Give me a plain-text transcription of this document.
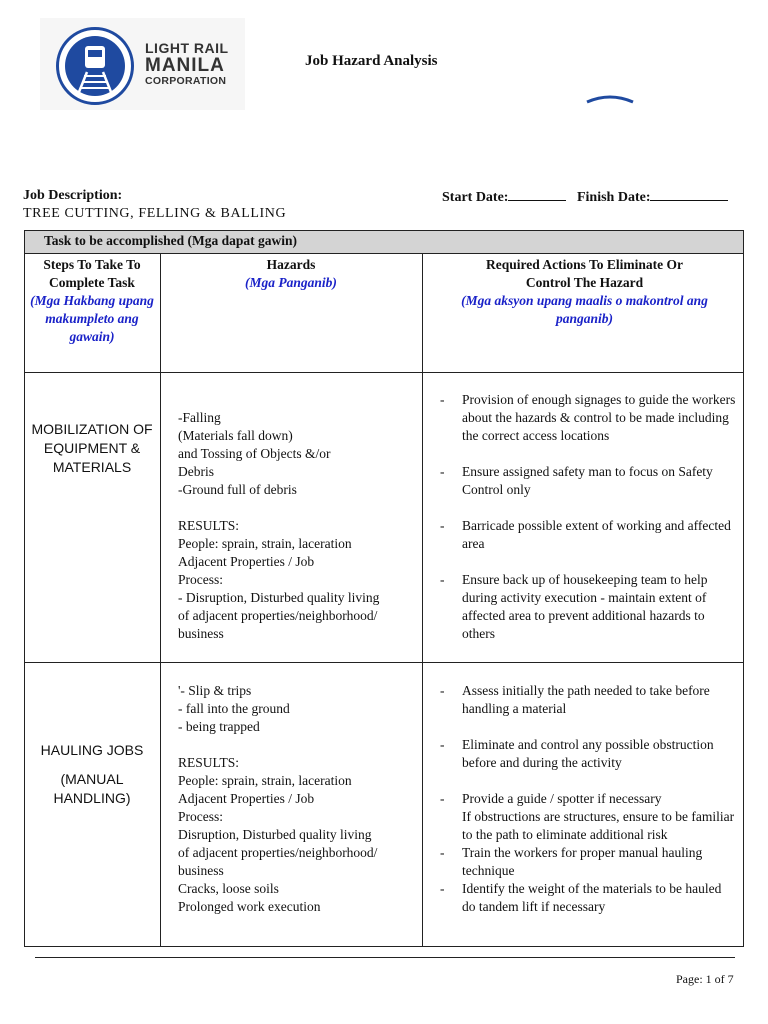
LIGHT RAIL
MANILA
CORPORATION
Job Hazard Analysis
Job Description:
TREE CUTTING, FELLING & BALLING
Start Date:	Finish Date:
Task to be accomplished (Mga dapat gawin)
Steps To Take To Complete Task
(Mga Hakbang upang makumpleto ang gawain)
Hazards
(Mga Panganib)
Required Actions To Eliminate Or Control The Hazard
(Mga aksyon upang maalis o makontrol ang panganib)
MOBILIZATION OF EQUIPMENT & MATERIALS
-Falling
(Materials fall down)
and Tossing of Objects &/or
Debris
-Ground full of debris

RESULTS:
People: sprain, strain, laceration
Adjacent Properties / Job
Process:
- Disruption, Disturbed quality living
of adjacent properties/neighborhood/
business
- Provision of enough signages to guide the workers about the hazards & control to be made including the correct access locations
- Ensure assigned safety man to focus on Safety Control only
- Barricade possible extent of working and affected area
- Ensure back up of housekeeping team to help during activity execution - maintain extent of affected area to prevent additional hazards to others
HAULING JOBS
(MANUAL HANDLING)
'- Slip & trips
- fall into the ground
- being trapped

RESULTS:
People: sprain, strain, laceration
Adjacent Properties / Job
Process:
Disruption, Disturbed quality living
of adjacent properties/neighborhood/
business
Cracks, loose soils
Prolonged work execution
- Assess initially the path needed to take before handling a material
- Eliminate and control any possible obstruction before and during the activity
- Provide a guide / spotter if necessary
If obstructions are structures, ensure to be familiar to the path to eliminate additional risk
- Train the workers for proper manual hauling technique
- Identify the weight of the materials to be hauled do tandem lift if necessary
Page: 1 of 7
